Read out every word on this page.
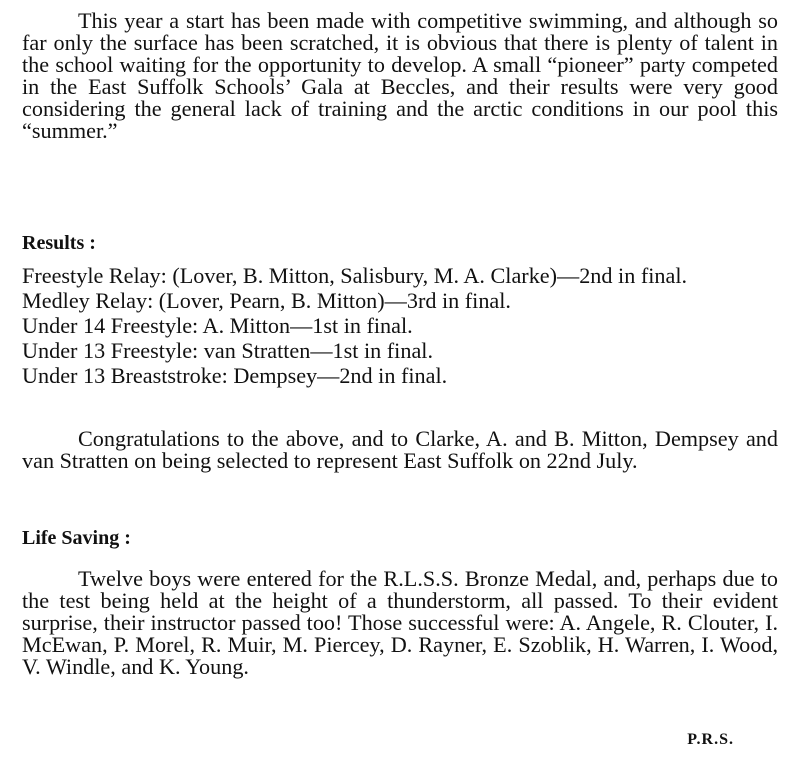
This year a start has been made with competitive swimming, and although so far only the surface has been scratched, it is obvious that there is plenty of talent in the school waiting for the opportunity to develop. A small “pioneer” party competed in the East Suffolk Schools’ Gala at Beccles, and their results were very good considering the general lack of training and the arctic conditions in our pool this “summer.”

Results :
Freestyle Relay: (Lover, B. Mitton, Salisbury, M. A. Clarke)—2nd in final.
Medley Relay: (Lover, Pearn, B. Mitton)—3rd in final.
Under 14 Freestyle: A. Mitton—1st in final.
Under 13 Freestyle: van Stratten—1st in final.
Under 13 Breaststroke: Dempsey—2nd in final.

Congratulations to the above, and to Clarke, A. and B. Mitton, Dempsey and van Stratten on being selected to represent East Suffolk on 22nd July.

Life Saving :

Twelve boys were entered for the R.L.S.S. Bronze Medal, and, perhaps due to the test being held at the height of a thunderstorm, all passed. To their evident surprise, their instructor passed too! Those successful were: A. Angele, R. Clouter, I. McEwan, P. Morel, R. Muir, M. Piercey, D. Rayner, E. Szoblik, H. Warren, I. Wood, V. Windle, and K. Young.

P.R.S.
